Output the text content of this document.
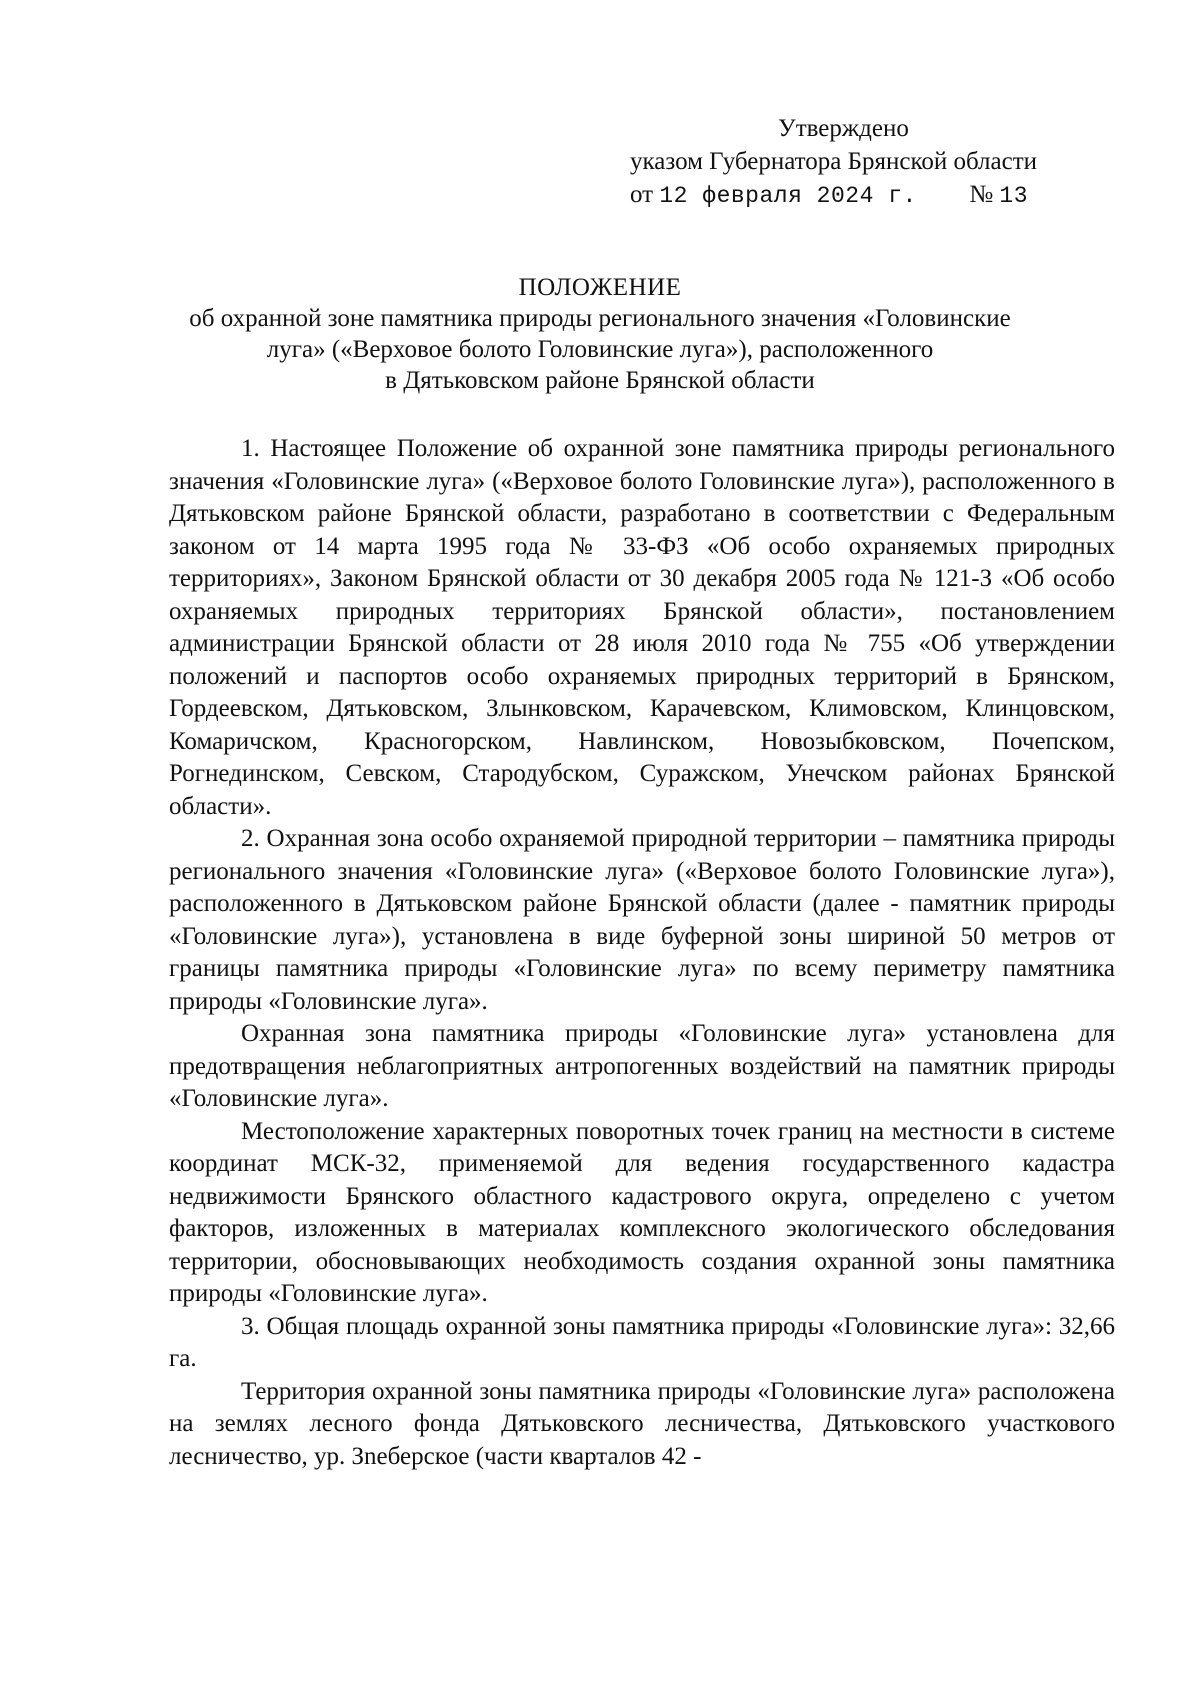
Утверждено
указом Губернатора Брянской области
от 12 февраля 2024 г. № 13
ПОЛОЖЕНИЕ
об охранной зоне памятника природы регионального значения «Головинские
луга» («Верховое болото Головинские луга»), расположенного
в Дятьковском районе Брянской области

1. Настоящее Положение об охранной зоне памятника природы регионального значения «Головинские луга» («Верховое болото Головинские луга»), расположенного в Дятьковском районе Брянской области, разработано в соответствии с Федеральным законом от 14 марта 1995 года № 33-ФЗ «Об особо охраняемых природных территориях», Законом Брянской области от 30 декабря 2005 года № 121-З «Об особо охраняемых природных территориях Брянской области», постановлением администрации Брянской области от 28 июля 2010 года № 755 «Об утверждении положений и паспортов особо охраняемых природных территорий в Брянском, Гордеевском, Дятьковском, Злынковском, Карачевском, Климовском, Клинцовском, Комаричском, Красногорском, Навлинском, Новозыбковском, Почепском, Рогнединском, Севском, Стародубском, Суражском, Унечском районах Брянской области».

2. Охранная зона особо охраняемой природной территории – памятника природы регионального значения «Головинские луга» («Верховое болото Головинские луга»), расположенного в Дятьковском районе Брянской области (далее - памятник природы «Головинские луга»), установлена в виде буферной зоны шириной 50 метров от границы памятника природы «Головинские луга» по всему периметру памятника природы «Головинские луга».

Охранная зона памятника природы «Головинские луга» установлена для предотвращения неблагоприятных антропогенных воздействий на памятник природы «Головинские луга».

Местоположение характерных поворотных точек границ на местности в системе координат МСК-32, применяемой для ведения государственного кадастра недвижимости Брянского областного кадастрового округа, определено с учетом факторов, изложенных в материалах комплексного экологического обследования территории, обосновывающих необходимость создания охранной зоны памятника природы «Головинские луга».

3. Общая площадь охранной зоны памятника природы «Головинские луга»: 32,66 га.

Территория охранной зоны памятника природы «Головинские луга» расположена на землях лесного фонда Дятьковского лесничества, Дятьковского участкового лесничество, ур. Зneберское (части кварталов 42 -
